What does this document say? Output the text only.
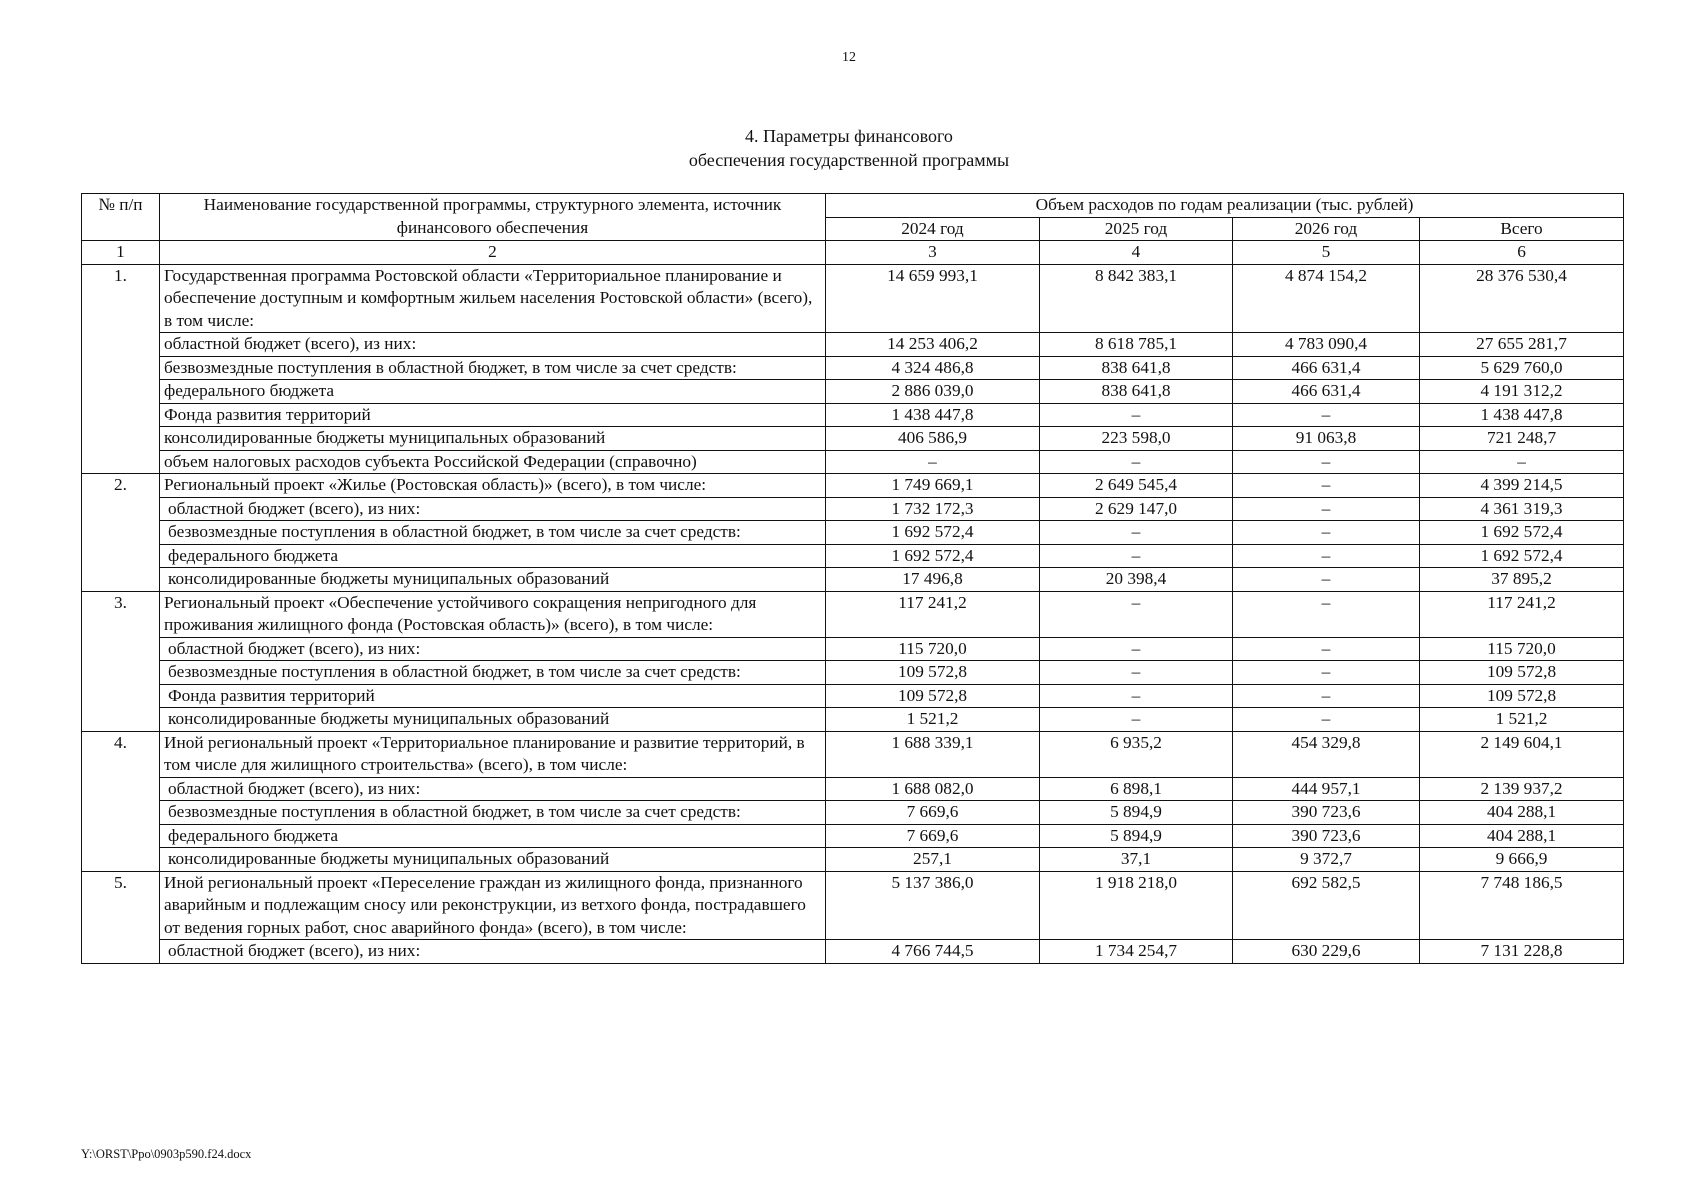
12
4. Параметры финансового
обеспечения государственной программы
№ п/п	Наименование государственной программы, структурного элемента, источник финансового обеспечения	Объем расходов по годам реализации (тыс. рублей)			
		2024 год	2025 год	2026 год	Всего
1	2	3	4	5	6
1.	Государственная программа Ростовской области «Территориальное планирование и обеспечение доступным и комфортным жильем населения Ростовской области» (всего), в том числе:	14 659 993,1	8 842 383,1	4 874 154,2	28 376 530,4
	областной бюджет (всего), из них:	14 253 406,2	8 618 785,1	4 783 090,4	27 655 281,7
	безвозмездные поступления в областной бюджет, в том числе за счет средств:	4 324 486,8	838 641,8	466 631,4	5 629 760,0
	федерального бюджета	2 886 039,0	838 641,8	466 631,4	4 191 312,2
	Фонда развития территорий	1 438 447,8	–	–	1 438 447,8
	консолидированные бюджеты муниципальных образований	406 586,9	223 598,0	91 063,8	721 248,7
	объем налоговых расходов субъекта Российской Федерации (справочно)	–	–	–	–
2.	Региональный проект «Жилье (Ростовская область)» (всего), в том числе:	1 749 669,1	2 649 545,4	–	4 399 214,5

	областной бюджет (всего), из них:	1 732 172,3	2 629 147,0	–	4 361 319,3

	безвозмездные поступления в областной бюджет, в том числе за счет средств:	1 692 572,4	–	–	1 692 572,4

	федерального бюджета	1 692 572,4	–	–	1 692 572,4

	консолидированные бюджеты муниципальных образований	17 496,8	20 398,4	–	37 895,2
3.	Региональный проект «Обеспечение устойчивого сокращения непригодного для проживания жилищного фонда (Ростовская область)» (всего), в том числе:	117 241,2	–	–	117 241,2

	областной бюджет (всего), из них:	115 720,0	–	–	115 720,0

	безвозмездные поступления в областной бюджет, в том числе за счет средств:	109 572,8	–	–	109 572,8

	Фонда развития территорий	109 572,8	–	–	109 572,8

	консолидированные бюджеты муниципальных образований	1 521,2	–	–	1 521,2
4.	Иной региональный проект «Территориальное планирование и развитие территорий, в том числе для жилищного строительства» (всего), в том числе:	1 688 339,1	6 935,2	454 329,8	2 149 604,1

	областной бюджет (всего), из них:	1 688 082,0	6 898,1	444 957,1	2 139 937,2

	безвозмездные поступления в областной бюджет, в том числе за счет средств:	7 669,6	5 894,9	390 723,6	404 288,1

	федерального бюджета	7 669,6	5 894,9	390 723,6	404 288,1

	консолидированные бюджеты муниципальных образований	257,1	37,1	9 372,7	9 666,9
5.	Иной региональный проект «Переселение граждан из жилищного фонда, признанного аварийным и подлежащим сносу или реконструкции, из ветхого фонда, пострадавшего от ведения горных работ, снос аварийного фонда» (всего), в том числе:	5 137 386,0	1 918 218,0	692 582,5	7 748 186,5

	областной бюджет (всего), из них:	4 766 744,5	1 734 254,7	630 229,6	7 131 228,8
Y:\ORST\Ppo\0903p590.f24.docx
